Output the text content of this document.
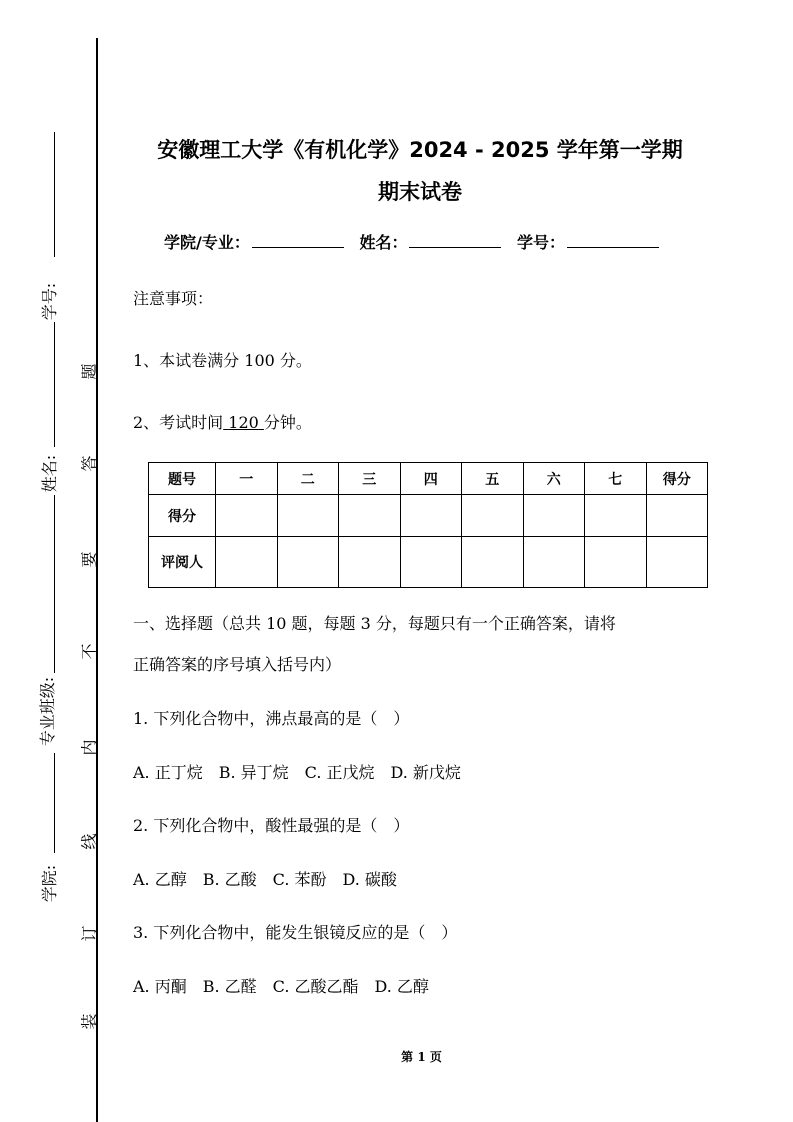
学号:
姓名:
专业班级:
学院:
题
答
要
不
内
线
订
装
安徽理工大学《有机化学》2024 - 2025 学年第一学期
期末试卷
学院/专业：	姓名：	学号：
注意事项：
1、本试卷满分 100 分。
2、考试时间 120 分钟。
题号	一	二	三	四	五	六	七	得分
得分								
评阅人								
一、选择题（总共 10 题，每题 3 分，每题只有一个正确答案，请将
正确答案的序号填入括号内）
1. 下列化合物中，沸点最高的是（　）
A. 正丁烷　B. 异丁烷　C. 正戊烷　D. 新戊烷
2. 下列化合物中，酸性最强的是（　）
A. 乙醇　B. 乙酸　C. 苯酚　D. 碳酸
3. 下列化合物中，能发生银镜反应的是（　）
A. 丙酮　B. 乙醛　C. 乙酸乙酯　D. 乙醇
第 1 页
